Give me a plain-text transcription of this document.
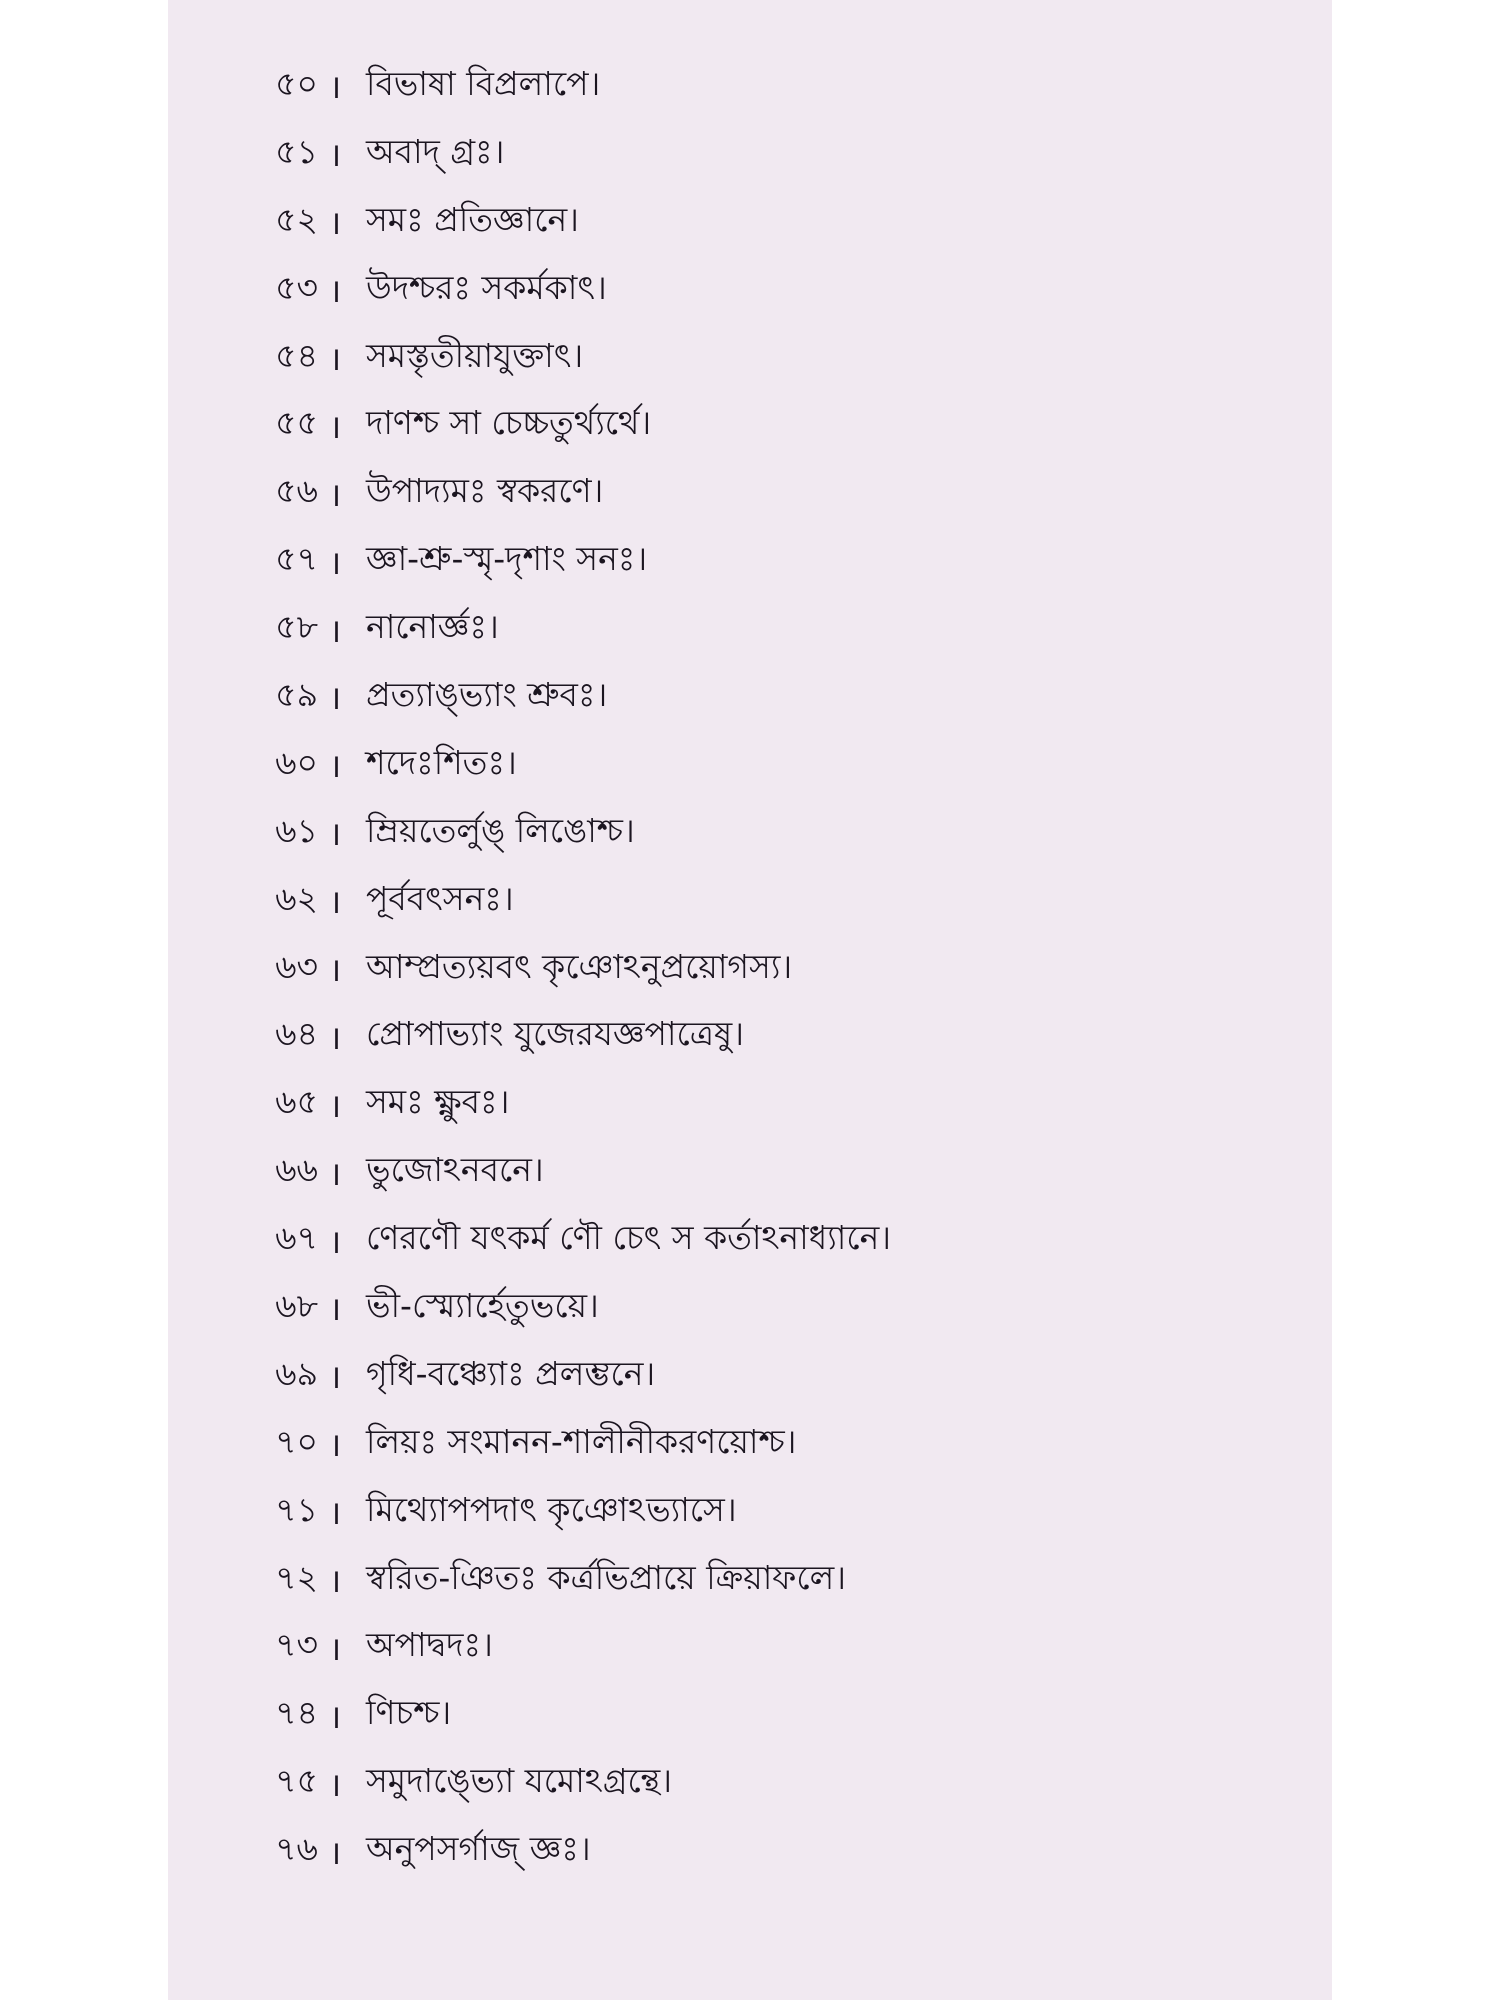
৫০ । বিভাষা বিপ্রলাপে।
৫১ । অবাদ্ গ্রঃ।
৫২ । সমঃ প্রতিজ্ঞানে।
৫৩ । উদশ্চরঃ সকর্মকাৎ।
৫৪ । সমস্তৃতীয়াযুক্তাৎ।
৫৫ । দাণশ্চ সা চেচ্চতুর্থ্যর্থে।
৫৬ । উপাদ্যমঃ স্বকরণে।
৫৭ । জ্ঞা-শ্রু-স্মৃ-দৃশাং সনঃ।
৫৮ । নানোর্জ্ঞঃ।
৫৯ । প্রত্যাঙ্ভ্যাং শ্রুবঃ।
৬০ । শদেঃশিতঃ।
৬১ । ম্রিয়তের্লুঙ্ লিঙোশ্চ।
৬২ । পূর্ববৎসনঃ।
৬৩ । আম্প্রত্যয়বৎ কৃঞোঽনুপ্রয়োগস্য।
৬৪ । প্রোপাভ্যাং যুজেরযজ্ঞপাত্রেষু।
৬৫ । সমঃ ক্ষ্ণুবঃ।
৬৬ । ভুজোঽনবনে।
৬৭ । ণেরণৌ যৎকর্ম ণৌ চেৎ স কর্তাঽনাধ্যানে।
৬৮ । ভী-স্ম্যোর্হেতুভয়ে।
৬৯ । গৃধি-বঞ্চ্যোঃ প্রলম্ভনে।
৭০ । লিয়ঃ সংমানন-শালীনীকরণয়োশ্চ।
৭১ । মিথ্যোপপদাৎ কৃঞোঽভ্যাসে।
৭২ । স্বরিত-ঞিতঃ কর্ত্রভিপ্রায়ে ক্রিয়াফলে।
৭৩ । অপাদ্বদঃ।
৭৪ । ণিচশ্চ।
৭৫ । সমুদাঙ্ভ্যো যমোঽগ্রন্থে।
৭৬ । অনুপসর্গাজ্ জ্ঞঃ।
